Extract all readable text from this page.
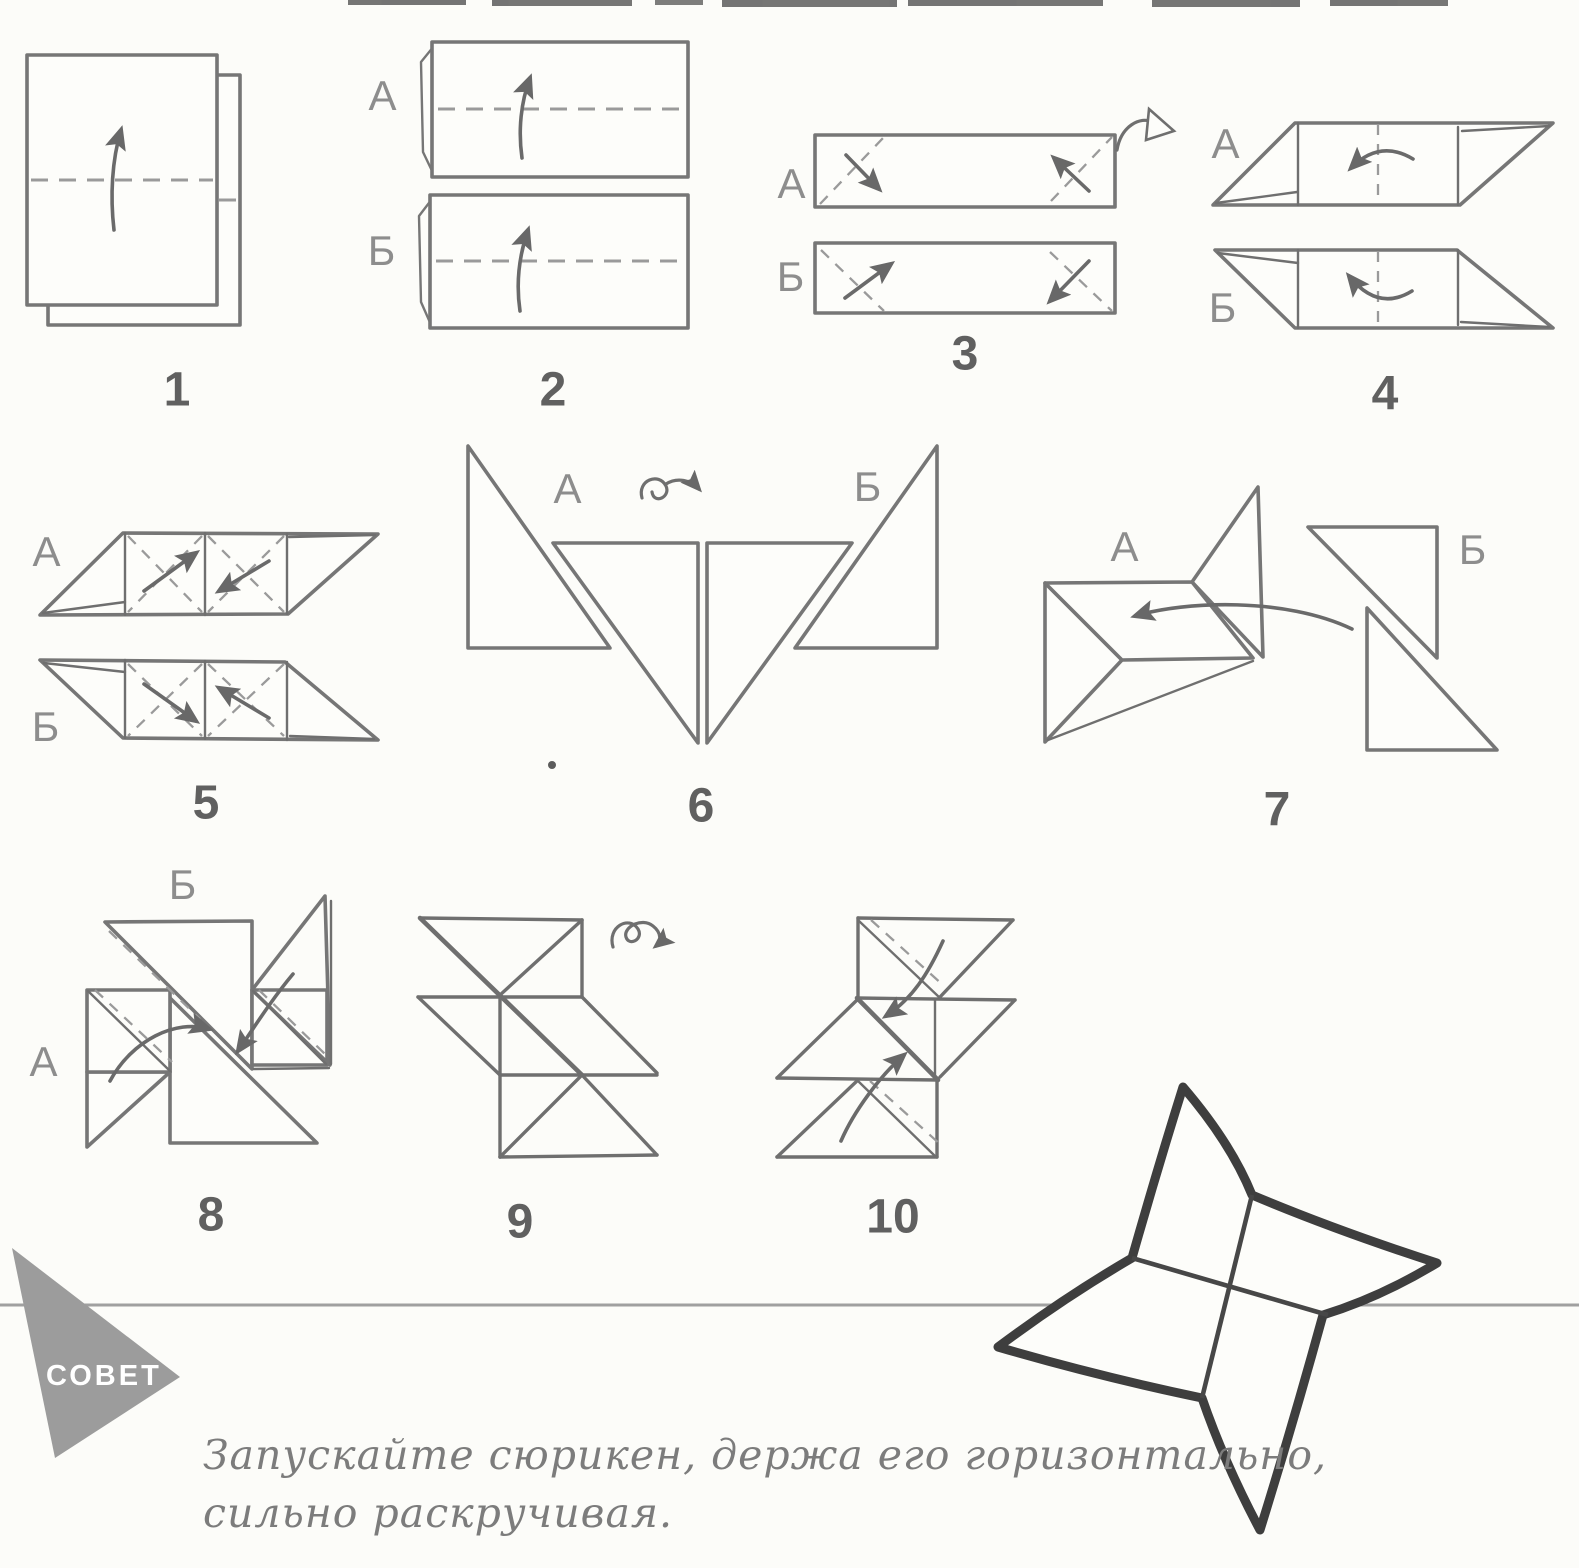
А
Б
А
Б
А
Б
А
Б
А	Б
А	Б
Б
А
1	2
3
4
5	6	7
8	9	10
СОВЕТ
Запускайте сюрикен, держа его горизонтально,
сильно раскручивая.
